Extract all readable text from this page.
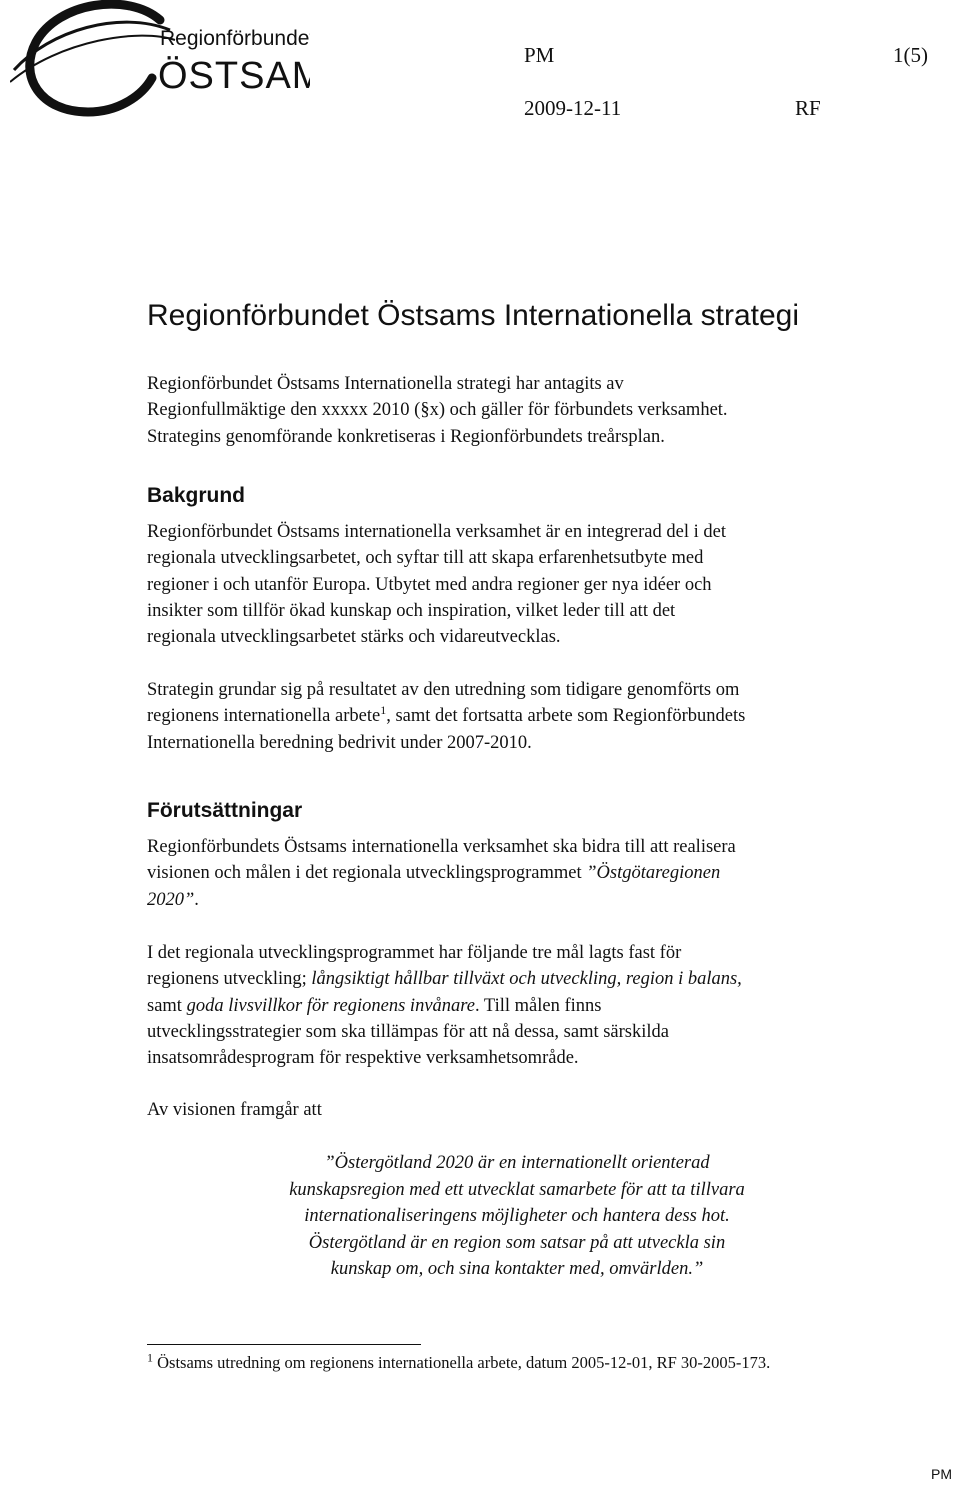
Regionförbundet
ÖSTSAM	PM	1(5)
2009-12-11	RF
Regionförbundet Östsams Internationella strategi
Regionförbundet Östsams Internationella strategi har antagits av
Regionfullmäktige den xxxxx 2010 (§x) och gäller för förbundets verksamhet.
Strategins genomförande konkretiseras i Regionförbundets treårsplan.
Bakgrund
Regionförbundet Östsams internationella verksamhet är en integrerad del i det
regionala utvecklingsarbetet, och syftar till att skapa erfarenhetsutbyte med
regioner i och utanför Europa. Utbytet med andra regioner ger nya idéer och
insikter som tillför ökad kunskap och inspiration, vilket leder till att det
regionala utvecklingsarbetet stärks och vidareutvecklas.
Strategin grundar sig på resultatet av den utredning som tidigare genomförts om
regionens internationella arbete$^1$, samt det fortsatta arbete som Regionförbundets
Internationella beredning bedrivit under 2007-2010.
Förutsättningar
Regionförbundets Östsams internationella verksamhet ska bidra till att realisera
visionen och målen i det regionala utvecklingsprogrammet ”Östgötaregionen
2020”.
I det regionala utvecklingsprogrammet har följande tre mål lagts fast för
regionens utveckling; långsiktigt hållbar tillväxt och utveckling, region i balans,
samt goda livsvillkor för regionens invånare. Till målen finns
utvecklingsstrategier som ska tillämpas för att nå dessa, samt särskilda
insatsområdesprogram för respektive verksamhetsområde.
Av visionen framgår att
”Östergötland 2020 är en internationellt orienterad
kunskapsregion med ett utvecklat samarbete för att ta tillvara
internationaliseringens möjligheter och hantera dess hot.
Östergötland är en region som satsar på att utveckla sin
kunskap om, och sina kontakter med, omvärlden.”
$^1$ Östsams utredning om regionens internationella arbete, datum 2005-12-01, RF 30-2005-173.
PM
